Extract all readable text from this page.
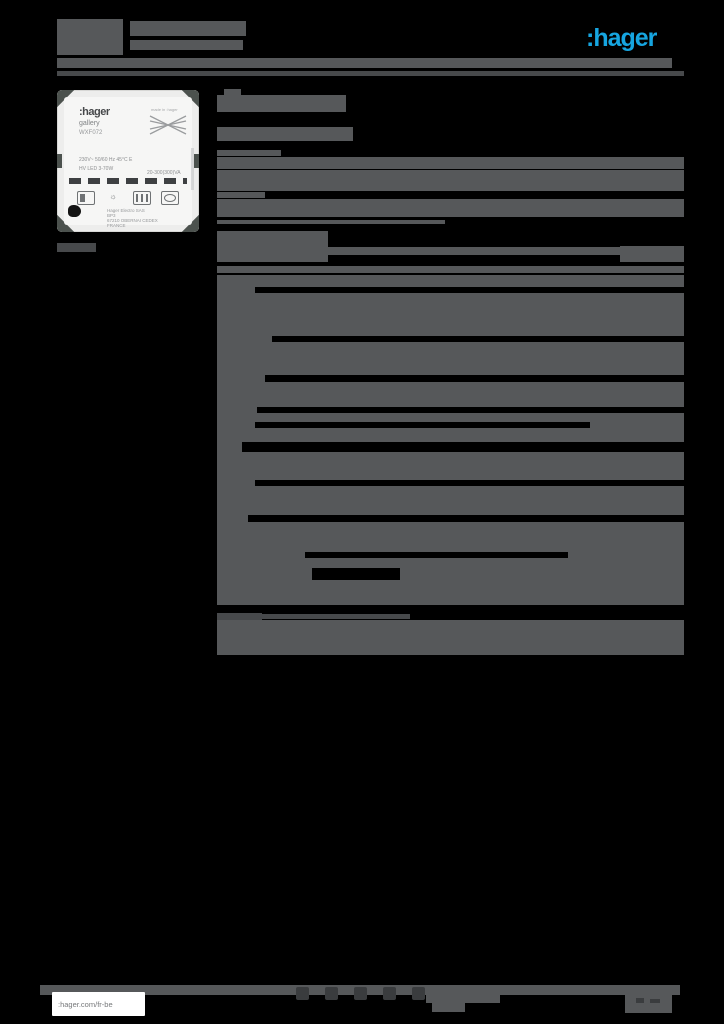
:hager
:hager
gallery
WXF072
made in :hager
230V~ 50/60 Hz 45°C E
HV LED 3-70W
20-300(300)VA
☼
Hager Electro SAS
BP3
67210 OBERNAI CEDEX
FRANCE
:hager.com/fr-be
